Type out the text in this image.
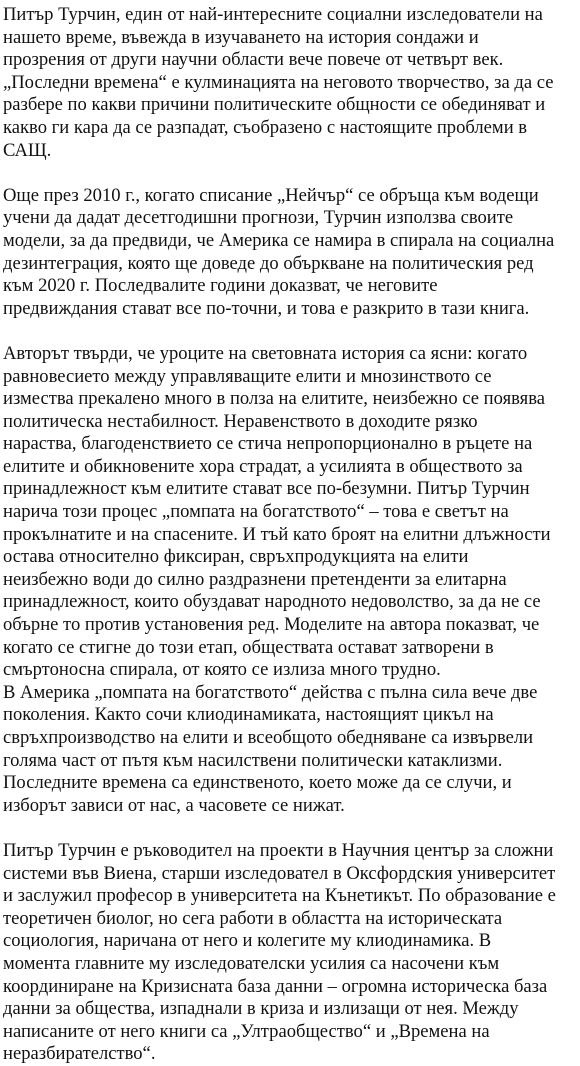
Питър Турчин, един от най-интересните социални изследователи на
нашето време, въвежда в изучаването на история сондажи и
прозрения от други научни области вече повече от четвърт век.
„Последни времена“ е кулминацията на неговото творчество, за да се
разбере по какви причини политическите общности се обединяват и
какво ги кара да се разпадат, съобразено с настоящите проблеми в
САЩ.
Още през 2010 г., когато списание „Нейчър“ се обръща към водещи
учени да дадат десетгодишни прогнози, Турчин използва своите
модели, за да предвиди, че Америка се намира в спирала на социална
дезинтеграция, която ще доведе до объркване на политическия ред
към 2020 г. Последвалите години доказват, че неговите
предвиждания стават все по-точни, и това е разкрито в тази книга.
Авторът твърди, че уроците на световната история са ясни: когато
равновесието между управляващите елити и мнозинството се
измества прекалено много в полза на елитите, неизбежно се появява
политическа нестабилност. Неравенството в доходите рязко
нараства, благоденствието се стича непропорционално в ръцете на
елитите и обикновените хора страдат, а усилията в обществото за
принадлежност към елитите стават все по-безумни. Питър Турчин
нарича този процес „помпата на богатството“ – това е светът на
прокълнатите и на спасените. И тъй като броят на елитни длъжности
остава относително фиксиран, свръхпродукцията на елити
неизбежно води до силно раздразнени претенденти за елитарна
принадлежност, които обуздават народното недоволство, за да не се
обърне то против установения ред. Моделите на автора показват, че
когато се стигне до този етап, обществата остават затворени в
смъртоносна спирала, от която се излиза много трудно.
В Америка „помпата на богатството“ действа с пълна сила вече две
поколения. Както сочи клиодинамиката, настоящият цикъл на
свръхпроизводство на елити и всеобщото обедняване са извървели
голяма част от пътя към насилствени политически катаклизми.
Последните времена са единственото, което може да се случи, и
изборът зависи от нас, а часовете се нижат.
Питър Турчин е ръководител на проекти в Научния център за сложни
системи във Виена, старши изследовател в Оксфордския университет
и заслужил професор в университета на Кънетикът. По образование е
теоретичен биолог, но сега работи в областта на историческата
социология, наричана от него и колегите му клиодинамика. В
момента главните му изследователски усилия са насочени към
координиране на Кризисната база данни – огромна историческа база
данни за общества, изпаднали в криза и излизащи от нея. Между
написаните от него книги са „Ултраобщество“ и „Времена на
неразбирателство“.
